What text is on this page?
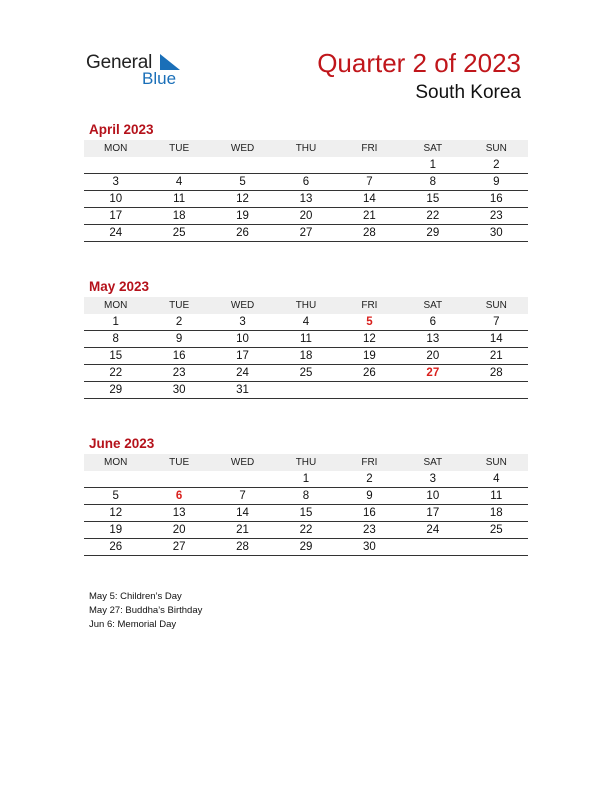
General
Blue
Quarter 2 of 2023
South Korea
April 2023
MON	TUE	WED	THU	FRI	SAT	SUN
					1	2
3	4	5	6	7	8	9
10	11	12	13	14	15	16
17	18	19	20	21	22	23
24	25	26	27	28	29	30
May 2023
MON	TUE	WED	THU	FRI	SAT	SUN
1	2	3	4	5	6	7
8	9	10	11	12	13	14
15	16	17	18	19	20	21
22	23	24	25	26	27	28
29	30	31				
June 2023
MON	TUE	WED	THU	FRI	SAT	SUN
			1	2	3	4
5	6	7	8	9	10	11
12	13	14	15	16	17	18
19	20	21	22	23	24	25
26	27	28	29	30		
May 5: Children’s Day
May 27: Buddha’s Birthday
Jun 6: Memorial Day
